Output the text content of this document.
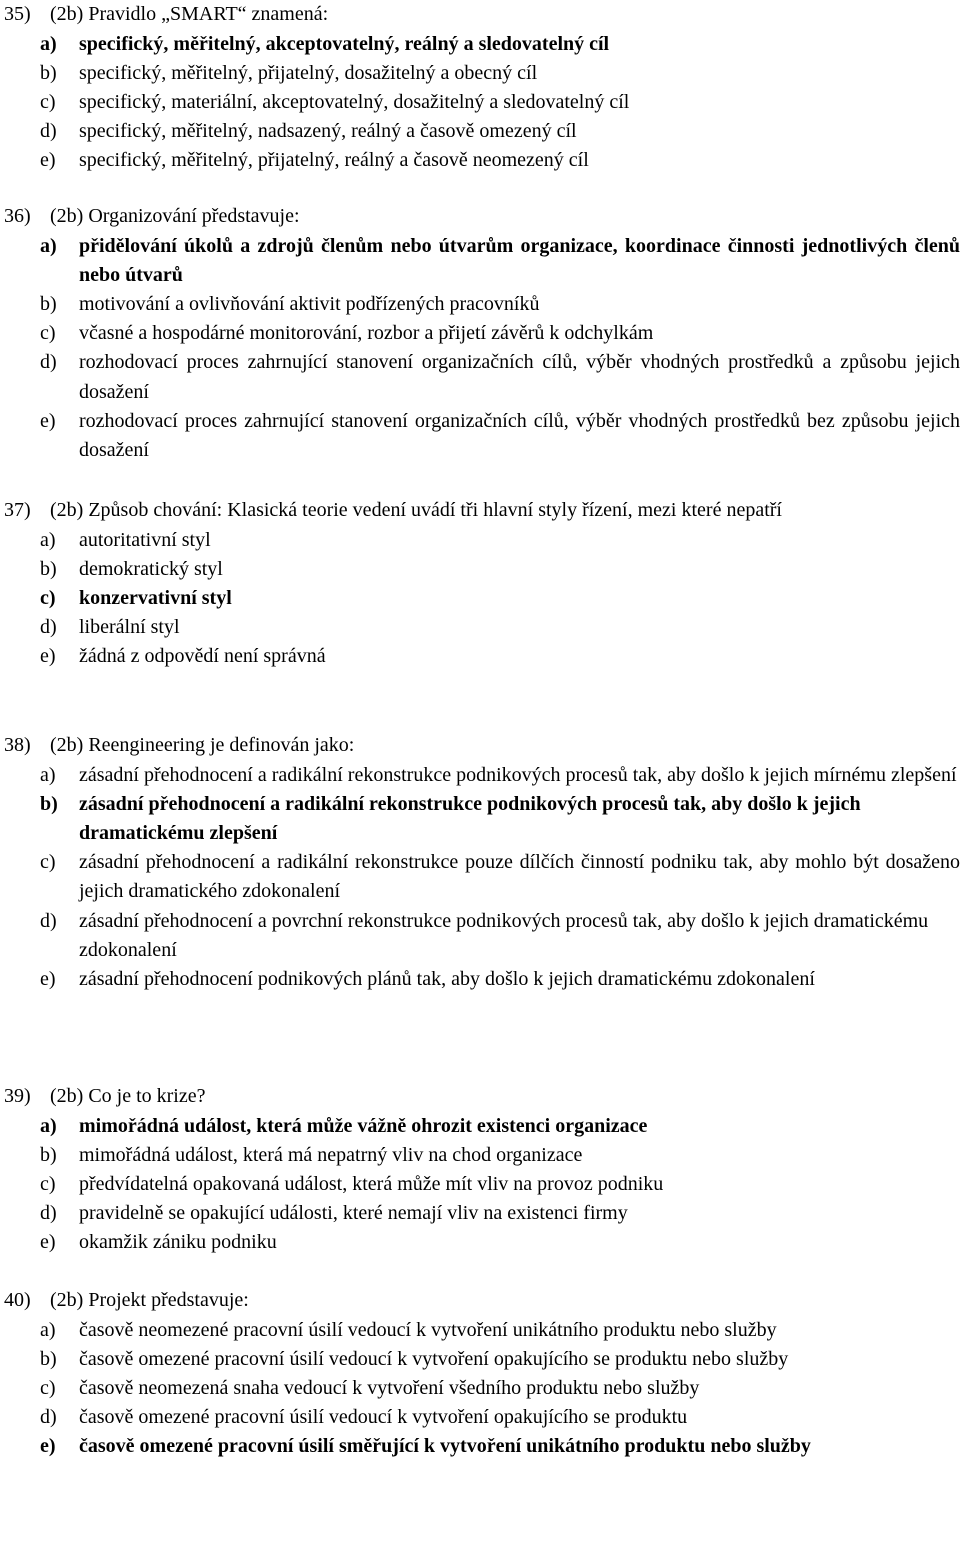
35) (2b) Pravidlo „SMART“ znamená:

a) specifický, měřitelný, akceptovatelný, reálný a sledovatelný cíl
b) specifický, měřitelný, přijatelný, dosažitelný a obecný cíl
c) specifický, materiální, akceptovatelný, dosažitelný a sledovatelný cíl
d) specifický, měřitelný, nadsazený, reálný a časově omezený cíl
e) specifický, měřitelný, přijatelný, reálný a časově neomezený cíl

36) (2b) Organizování představuje:

a) přidělování úkolů a zdrojů členům nebo útvarům organizace, koordinace činnosti jednotlivých členů nebo útvarů
b) motivování a ovlivňování aktivit podřízených pracovníků
c) včasné a hospodárné monitorování, rozbor a přijetí závěrů k odchylkám
d) rozhodovací proces zahrnující stanovení organizačních cílů, výběr vhodných prostředků a způsobu jejich dosažení
e) rozhodovací proces zahrnující stanovení organizačních cílů, výběr vhodných prostředků bez způsobu jejich dosažení

37) (2b) Způsob chování: Klasická teorie vedení uvádí tři hlavní styly řízení, mezi které nepatří

a) autoritativní styl
b) demokratický styl
c) konzervativní styl
d) liberální styl
e) žádná z odpovědí není správná

38) (2b) Reengineering je definován jako:

a) zásadní přehodnocení a radikální rekonstrukce podnikových procesů tak, aby došlo k jejich mírnému zlepšení
b) zásadní přehodnocení a radikální rekonstrukce podnikových procesů tak, aby došlo k jejich dramatickému zlepšení
c) zásadní přehodnocení a radikální rekonstrukce pouze dílčích činností podniku tak, aby mohlo být dosaženo jejich dramatického zdokonalení
d) zásadní přehodnocení a povrchní rekonstrukce podnikových procesů tak, aby došlo k jejich dramatickému zdokonalení
e) zásadní přehodnocení podnikových plánů tak, aby došlo k jejich dramatickému zdokonalení

39) (2b) Co je to krize?

a) mimořádná událost, která může vážně ohrozit existenci organizace
b) mimořádná událost, která má nepatrný vliv na chod organizace
c) předvídatelná opakovaná událost, která může mít vliv na provoz podniku
d) pravidelně se opakující události, které nemají vliv na existenci firmy
e) okamžik zániku podniku

40) (2b) Projekt představuje:

a) časově neomezené pracovní úsilí vedoucí k vytvoření unikátního produktu nebo služby
b) časově omezené pracovní úsilí vedoucí k vytvoření opakujícího se produktu nebo služby
c) časově neomezená snaha vedoucí k vytvoření všedního produktu nebo služby
d) časově omezené pracovní úsilí vedoucí k vytvoření opakujícího se produktu
e) časově omezené pracovní úsilí směřující k vytvoření unikátního produktu nebo služby
